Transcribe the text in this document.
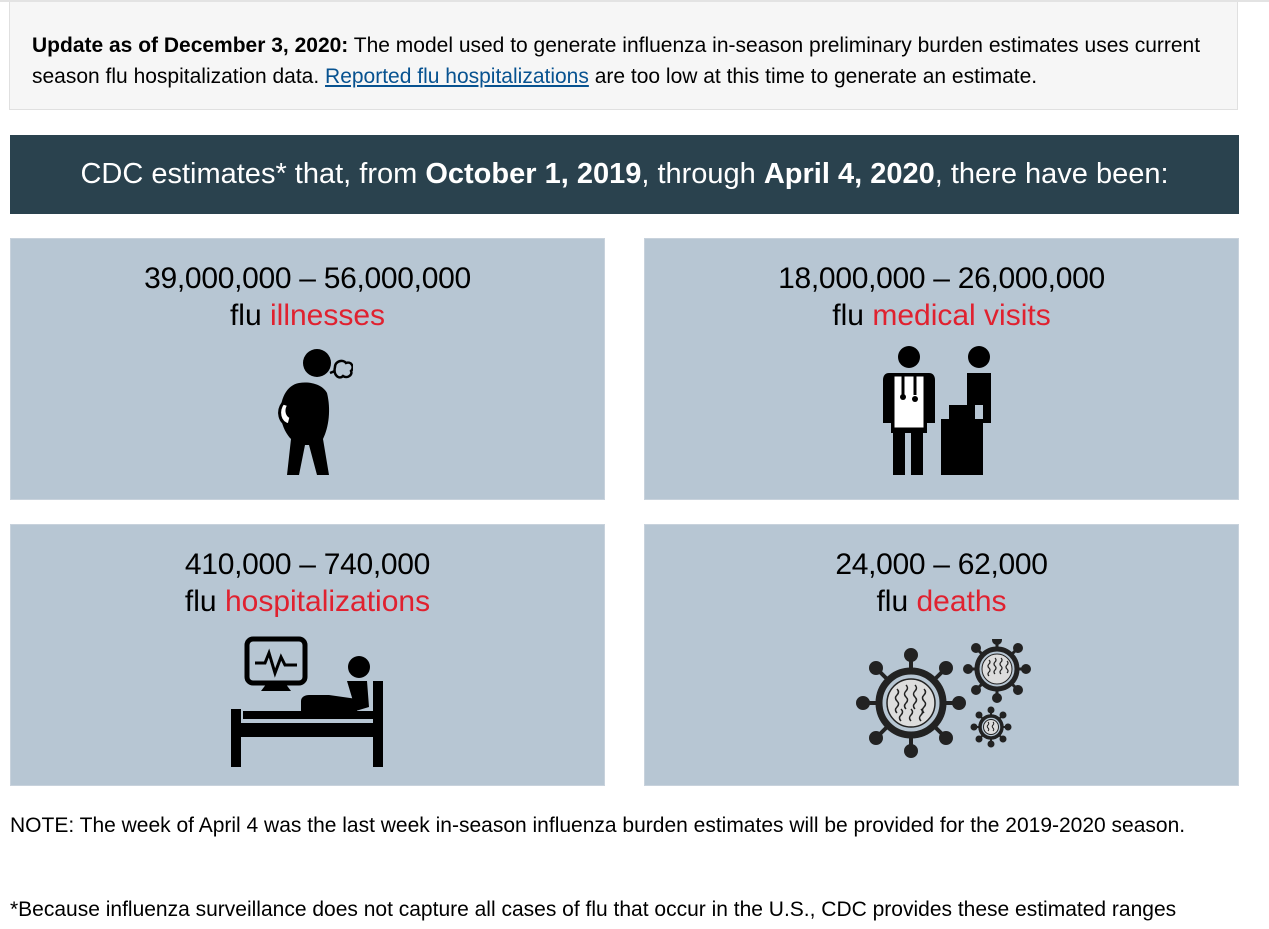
Update as of December 3, 2020: The model used to generate influenza in-season preliminary burden estimates uses current season flu hospitalization data. Reported flu hospitalizations are too low at this time to generate an estimate.
CDC estimates* that, from October 1, 2019 , through April 4, 2020 , there have been:
39,000,000 – 56,000,000
flu illnesses
18,000,000 – 26,000,000
flu medical visits
410,000 – 740,000
flu hospitalizations
24,000 – 62,000
flu deaths
NOTE: The week of April 4 was the last week in-season influenza burden estimates will be provided for the 2019-2020 season.
*Because influenza surveillance does not capture all cases of flu that occur in the U.S., CDC provides these estimated ranges
